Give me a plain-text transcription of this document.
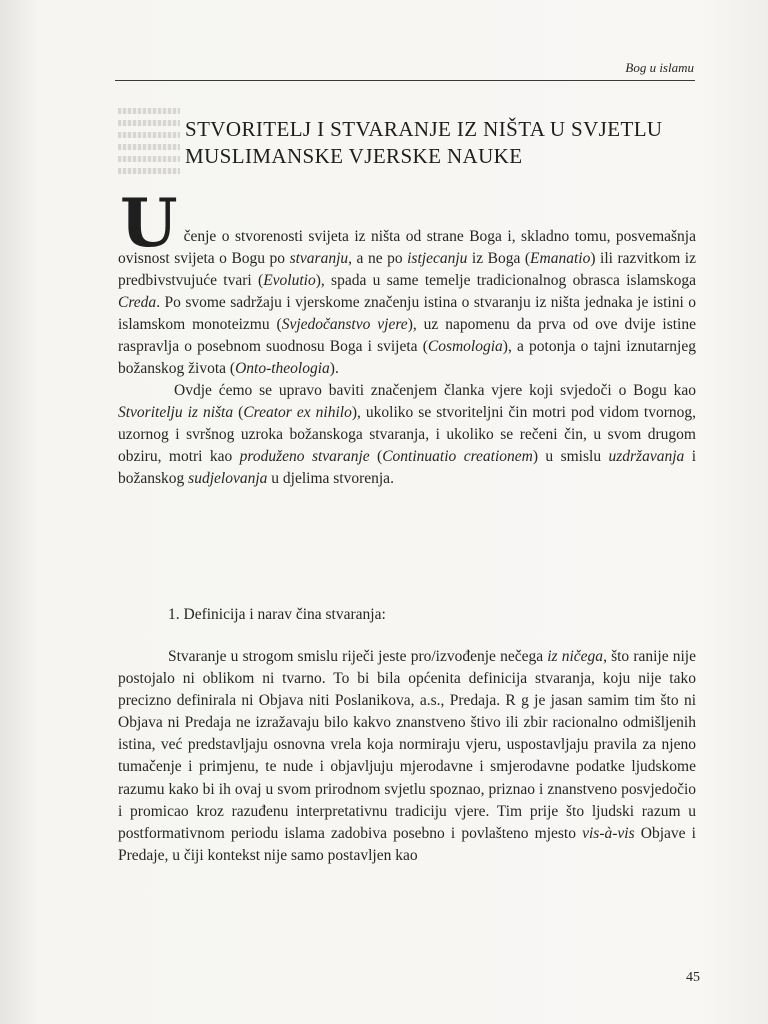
Bog u islamu
STVORITELJ I STVARANJE IZ NIŠTA U SVJETLU MUSLIMANSKE VJERSKE NAUKE
U čenje o stvorenosti svijeta iz ništa od strane Boga i, skladno tomu, posvemašnja ovisnost svijeta o Bogu po stvaranju, a ne po istjecanju iz Boga (Emanatio) ili razvitkom iz predbivstvujuće tvari (Evolutio), spada u same temelje tradicionalnog obrasca islamskoga Creda. Po svome sadržaju i vjerskome značenju istina o stvaranju iz ništa jednaka je istini o islamskom monoteizmu (Svjedočanstvo vjere), uz napomenu da prva od ove dvije istine raspravlja o posebnom suodnosu Boga i svijeta (Cosmologia), a potonja o tajni iznutarnjeg božanskog života (Onto-theologia).

Ovdje ćemo se upravo baviti značenjem članka vjere koji svjedoči o Bogu kao Stvoritelju iz ništa (Creator ex nihilo), ukoliko se stvoriteljni čin motri pod vidom tvornog, uzornog i svršnog uzroka božanskoga stvaranja, i ukoliko se rečeni čin, u svom drugom obziru, motri kao produženo stvaranje (Continuatio creationem) u smislu uzdržavanja i božanskog sudjelovanja u djelima stvorenja.

1. Definicija i narav čina stvaranja:

Stvaranje u strogom smislu riječi jeste pro/izvođenje nečega iz ničega, što ranije nije postojalo ni oblikom ni tvarno. To bi bila općenita definicija stvaranja, koju nije tako precizno definirala ni Objava niti Poslanikova, a.s., Predaja. R g je jasan samim tim što ni Objava ni Predaja ne izražavaju bilo kakvo znanstveno štivo ili zbir racionalno odmišljenih istina, već predstavljaju osnovna vrela koja normiraju vjeru, uspostavljaju pravila za njeno tumačenje i primjenu, te nude i objavljuju mjerodavne i smjerodavne podatke ljudskome razumu kako bi ih ovaj u svom prirodnom svjetlu spoznao, priznao i znanstveno posvjedočio i promicao kroz razuđenu interpretativnu tradiciju vjere. Tim prije što ljudski razum u postformativnom periodu islama zadobiva posebno i povlašteno mjesto vis-à-vis Objave i Predaje, u čiji kontekst nije samo postavljen kao

45
